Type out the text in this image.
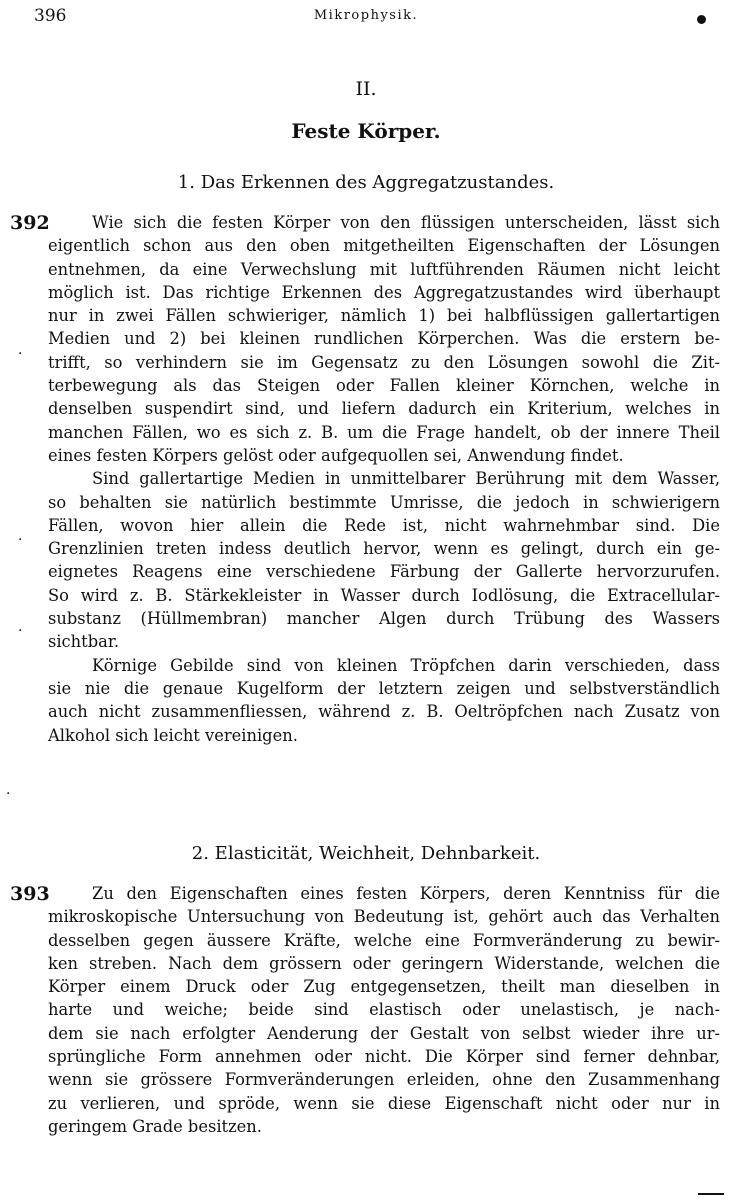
396	Mikrophysik.
II.
Feste Körper.
1. Das Erkennen des Aggregatzustandes.
392	Wie sich die festen Körper von den flüssigen unterscheiden, lässt sich
eigentlich schon aus den oben mitgetheilten Eigenschaften der Lösungen
entnehmen, da eine Verwechslung mit luftführenden Räumen nicht leicht
möglich ist. Das richtige Erkennen des Aggregatzustandes wird überhaupt
nur in zwei Fällen schwieriger, nämlich 1) bei halbflüssigen gallertartigen
Medien und 2) bei kleinen rundlichen Körperchen. Was die erstern be-
trifft, so verhindern sie im Gegensatz zu den Lösungen sowohl die Zit-
terbewegung als das Steigen oder Fallen kleiner Körnchen, welche in
denselben suspendirt sind, und liefern dadurch ein Kriterium, welches in
manchen Fällen, wo es sich z. B. um die Frage handelt, ob der innere Theil
eines festen Körpers gelöst oder aufgequollen sei, Anwendung findet.
Sind gallertartige Medien in unmittelbarer Berührung mit dem Wasser,
so behalten sie natürlich bestimmte Umrisse, die jedoch in schwierigern
Fällen, wovon hier allein die Rede ist, nicht wahrnehmbar sind. Die
Grenzlinien treten indess deutlich hervor, wenn es gelingt, durch ein ge-
eignetes Reagens eine verschiedene Färbung der Gallerte hervorzurufen.
So wird z. B. Stärkekleister in Wasser durch Iodlösung, die Extracellular-
substanz (Hüllmembran) mancher Algen durch Trübung des Wassers
sichtbar.
Körnige Gebilde sind von kleinen Tröpfchen darin verschieden, dass
sie nie die genaue Kugelform der letztern zeigen und selbstverständlich
auch nicht zusammenfliessen, während z. B. Oeltröpfchen nach Zusatz von
Alkohol sich leicht vereinigen.
2. Elasticität, Weichheit, Dehnbarkeit.
393	Zu den Eigenschaften eines festen Körpers, deren Kenntniss für die
mikroskopische Untersuchung von Bedeutung ist, gehört auch das Verhalten
desselben gegen äussere Kräfte, welche eine Formveränderung zu bewir-
ken streben. Nach dem grössern oder geringern Widerstande, welchen die
Körper einem Druck oder Zug entgegensetzen, theilt man dieselben in
harte und weiche; beide sind elastisch oder unelastisch, je nach-
dem sie nach erfolgter Aenderung der Gestalt von selbst wieder ihre ur-
sprüngliche Form annehmen oder nicht. Die Körper sind ferner dehnbar,
wenn sie grössere Formveränderungen erleiden, ohne den Zusammenhang
zu verlieren, und spröde, wenn sie diese Eigenschaft nicht oder nur in
geringem Grade besitzen.
·
·
·
·
